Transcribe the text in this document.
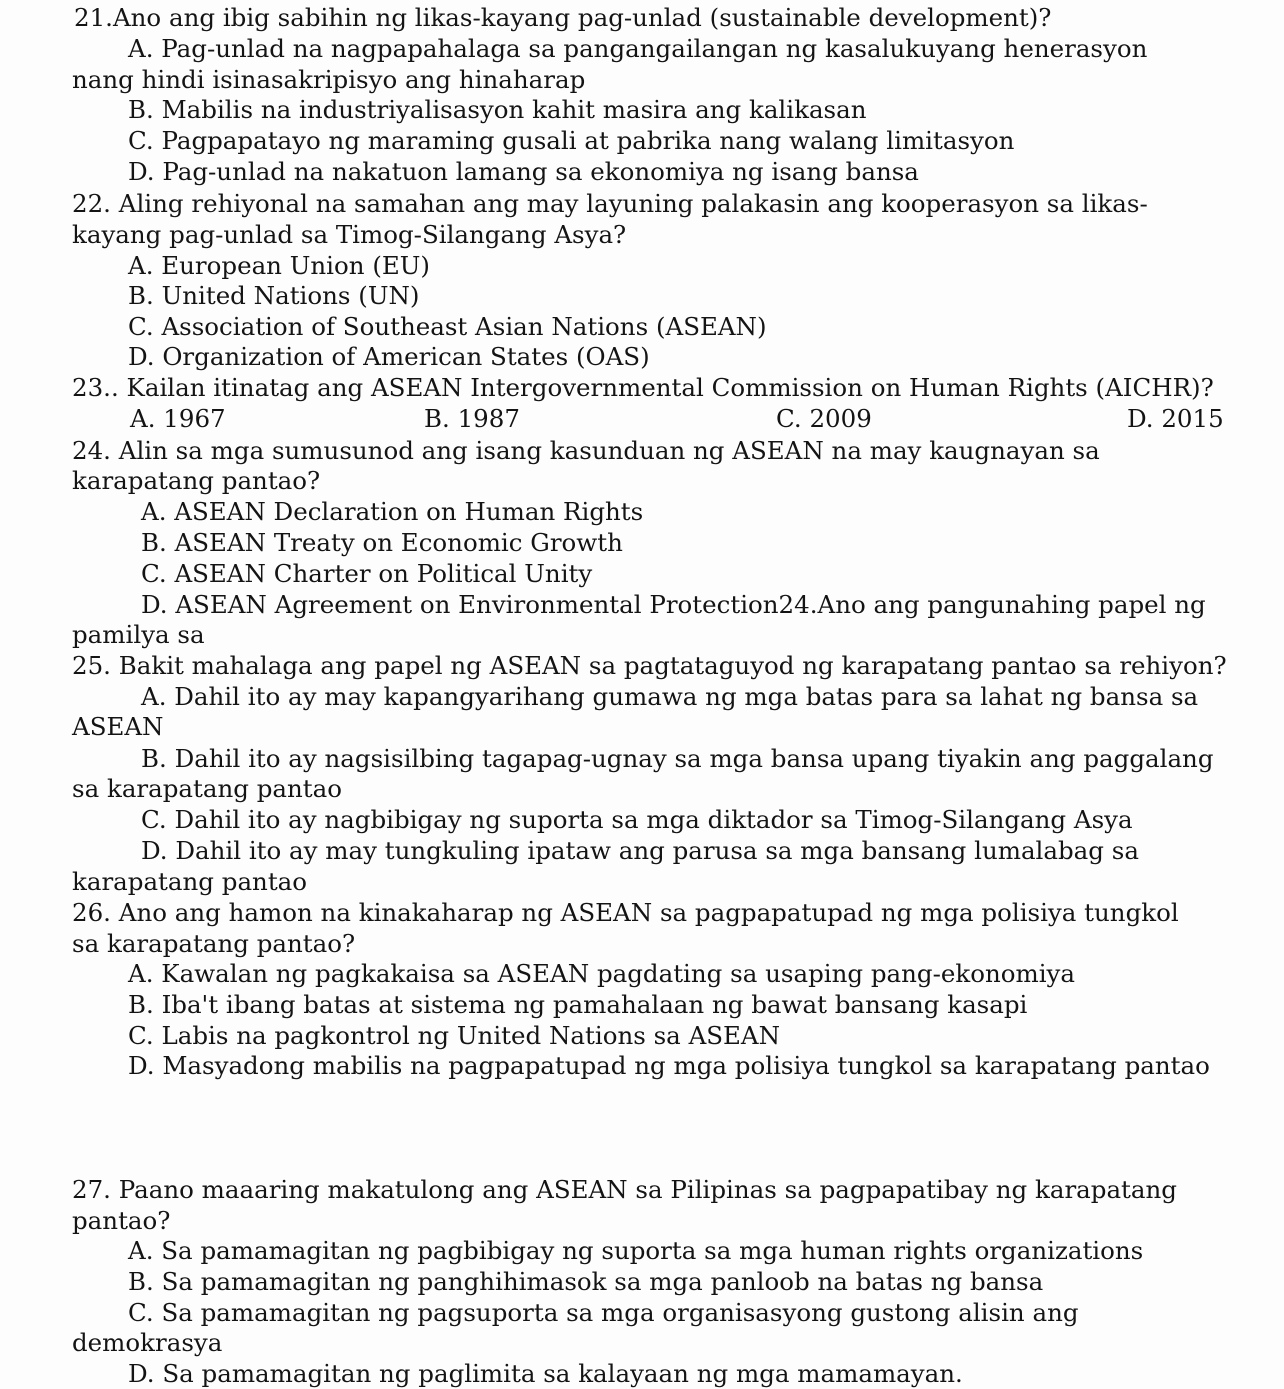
21.Ano ang ibig sabihin ng likas-kayang pag-unlad (sustainable development)?
A. Pag-unlad na nagpapahalaga sa pangangailangan ng kasalukuyang henerasyon
nang hindi isinasakripisyo ang hinaharap
B. Mabilis na industriyalisasyon kahit masira ang kalikasan
C. Pagpapatayo ng maraming gusali at pabrika nang walang limitasyon
D. Pag-unlad na nakatuon lamang sa ekonomiya ng isang bansa
22. Aling rehiyonal na samahan ang may layuning palakasin ang kooperasyon sa likas-
kayang pag-unlad sa Timog-Silangang Asya?
A. European Union (EU)
B. United Nations (UN)
C. Association of Southeast Asian Nations (ASEAN)
D. Organization of American States (OAS)
23.. Kailan itinatag ang ASEAN Intergovernmental Commission on Human Rights (AICHR)?
A. 1967	B. 1987	C. 2009	D. 2015
24. Alin sa mga sumusunod ang isang kasunduan ng ASEAN na may kaugnayan sa
karapatang pantao?
A. ASEAN Declaration on Human Rights
B. ASEAN Treaty on Economic Growth
C. ASEAN Charter on Political Unity
D. ASEAN Agreement on Environmental Protection24.Ano ang pangunahing papel ng
pamilya sa
25. Bakit mahalaga ang papel ng ASEAN sa pagtataguyod ng karapatang pantao sa rehiyon?
A. Dahil ito ay may kapangyarihang gumawa ng mga batas para sa lahat ng bansa sa
ASEAN
B. Dahil ito ay nagsisilbing tagapag-ugnay sa mga bansa upang tiyakin ang paggalang
sa karapatang pantao
C. Dahil ito ay nagbibigay ng suporta sa mga diktador sa Timog-Silangang Asya
D. Dahil ito ay may tungkuling ipataw ang parusa sa mga bansang lumalabag sa
karapatang pantao
26. Ano ang hamon na kinakaharap ng ASEAN sa pagpapatupad ng mga polisiya tungkol
sa karapatang pantao?
A. Kawalan ng pagkakaisa sa ASEAN pagdating sa usaping pang-ekonomiya
B. Iba't ibang batas at sistema ng pamahalaan ng bawat bansang kasapi
C. Labis na pagkontrol ng United Nations sa ASEAN
D. Masyadong mabilis na pagpapatupad ng mga polisiya tungkol sa karapatang pantao
27. Paano maaaring makatulong ang ASEAN sa Pilipinas sa pagpapatibay ng karapatang
pantao?
A. Sa pamamagitan ng pagbibigay ng suporta sa mga human rights organizations
B. Sa pamamagitan ng panghihimasok sa mga panloob na batas ng bansa
C. Sa pamamagitan ng pagsuporta sa mga organisasyong gustong alisin ang
demokrasya
D. Sa pamamagitan ng paglimita sa kalayaan ng mga mamamayan.
